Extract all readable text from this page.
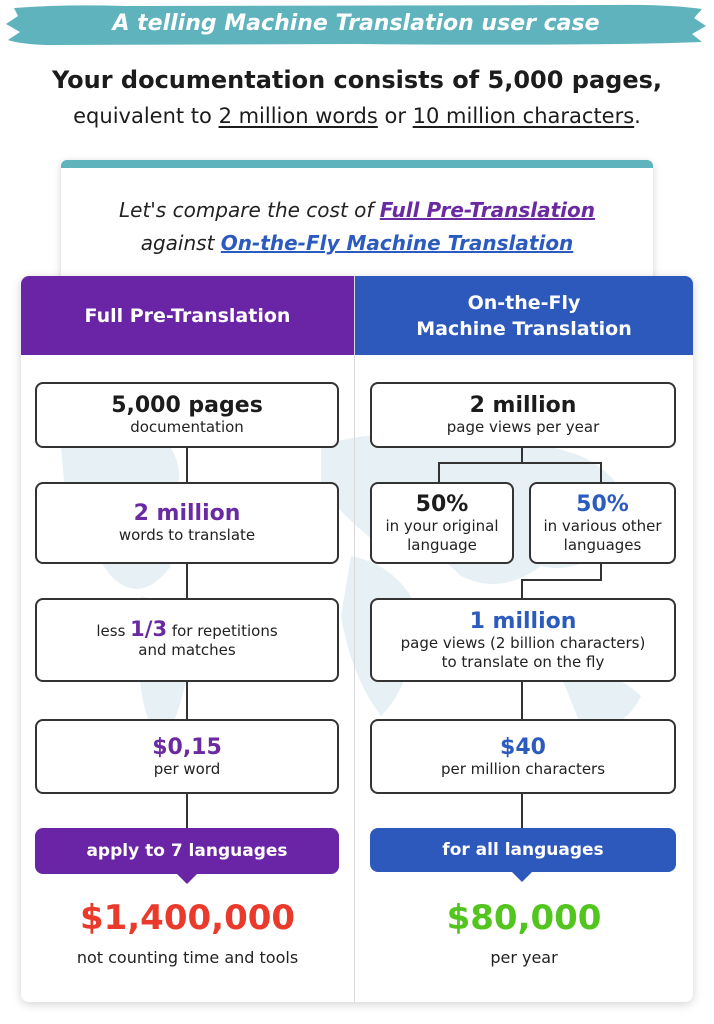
A telling Machine Translation user case
Your documentation consists of 5,000 pages,
equivalent to 2 million words or 10 million characters.
Let's compare the cost of Full Pre-Translation
against On-the-Fly Machine Translation
Full Pre-Translation
On-the-Fly
Machine Translation
5,000 pages
documentation
2 million
words to translate
less 1/3 for repetitions
and matches
$0,15
per word
apply to 7 languages
$1,400,000
not counting time and tools
2 million
page views per year
50%
in your original
language
50%
in various other
languages
1 million
page views (2 billion characters)
to translate on the fly
$40
per million characters
for all languages
$80,000
per year
